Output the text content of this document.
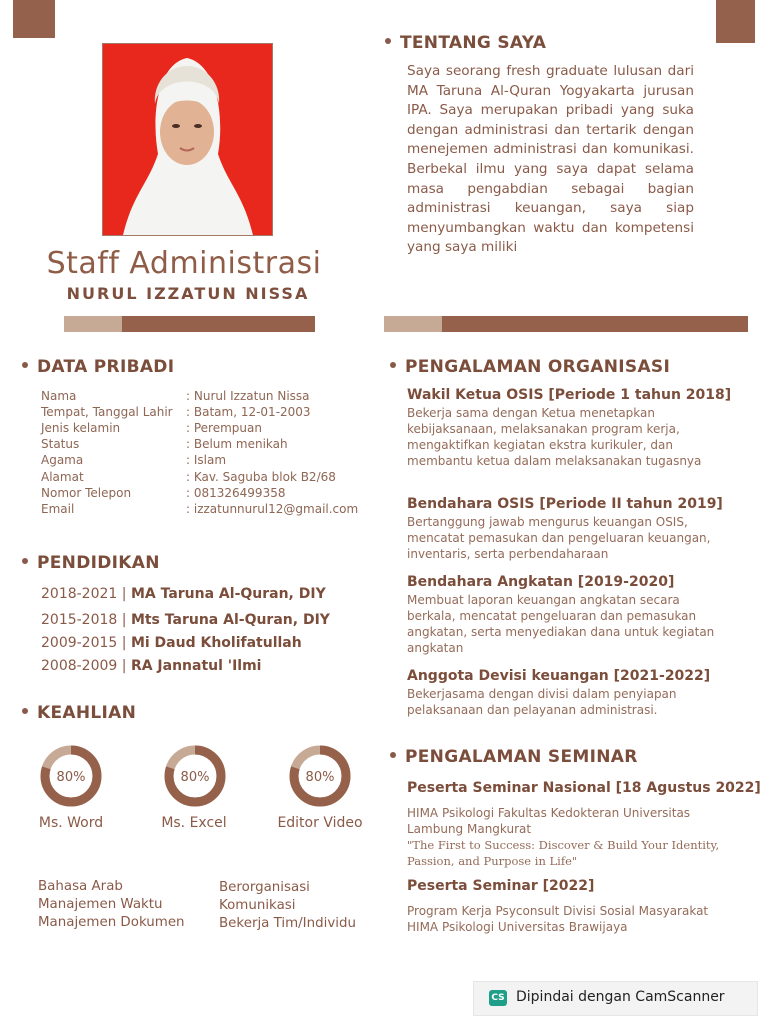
Staff Administrasi
NURUL IZZATUN NISSA
TENTANG SAYA
Saya seorang fresh graduate lulusan dari MA Taruna Al-Quran Yogyakarta jurusan IPA. Saya merupakan pribadi yang suka dengan administrasi dan tertarik dengan menejemen administrasi dan komunikasi. Berbekal ilmu yang saya dapat selama masa pengabdian sebagai bagian administrasi keuangan, saya siap menyumbangkan waktu dan kompetensi yang saya miliki
DATA PRIBADI
Nama	: Nurul Izzatun Nissa
Tempat, Tanggal Lahir : Batam, 12-01-2003
Jenis kelamin	: Perempuan
Status	: Belum menikah
Agama	: Islam
Alamat	: Kav. Saguba blok B2/68
Nomor Telepon	: 081326499358
Email	: izzatunnurul12@gmail.com
PENDIDIKAN
2018-2021 | MA Taruna Al-Quran, DIY
2015-2018 | Mts Taruna Al-Quran, DIY
2009-2015 | Mi Daud Kholifatullah
2008-2009 | RA Jannatul 'Ilmi
KEAHLIAN
80%	80%	80%
Ms. Word	Ms. Excel	Editor Video
Bahasa Arab
Manajemen Waktu
Manajemen Dokumen
Berorganisasi
Komunikasi
Bekerja Tim/Individu
PENGALAMAN ORGANISASI
Wakil Ketua OSIS [Periode 1 tahun 2018]
Bekerja sama dengan Ketua menetapkan kebijaksanaan, melaksanakan program kerja, mengaktifkan kegiatan ekstra kurikuler, dan membantu ketua dalam melaksanakan tugasnya
Bendahara OSIS [Periode II tahun 2019]
Bertanggung jawab mengurus keuangan OSIS, mencatat pemasukan dan pengeluaran keuangan, inventaris, serta perbendaharaan
Bendahara Angkatan [2019-2020]
Membuat laporan keuangan angkatan secara berkala, mencatat pengeluaran dan pemasukan angkatan, serta menyediakan dana untuk kegiatan angkatan
Anggota Devisi keuangan [2021-2022]
Bekerjasama dengan divisi dalam penyiapan pelaksanaan dan pelayanan administrasi.
PENGALAMAN SEMINAR
Peserta Seminar Nasional [18 Agustus 2022]
HIMA Psikologi Fakultas Kedokteran Universitas Lambung Mangkurat
"The First to Success: Discover & Build Your Identity, Passion, and Purpose in Life"
Peserta Seminar [2022]
Program Kerja Psyconsult Divisi Sosial Masyarakat HIMA Psikologi Universitas Brawijaya
CS Dipindai dengan CamScanner
